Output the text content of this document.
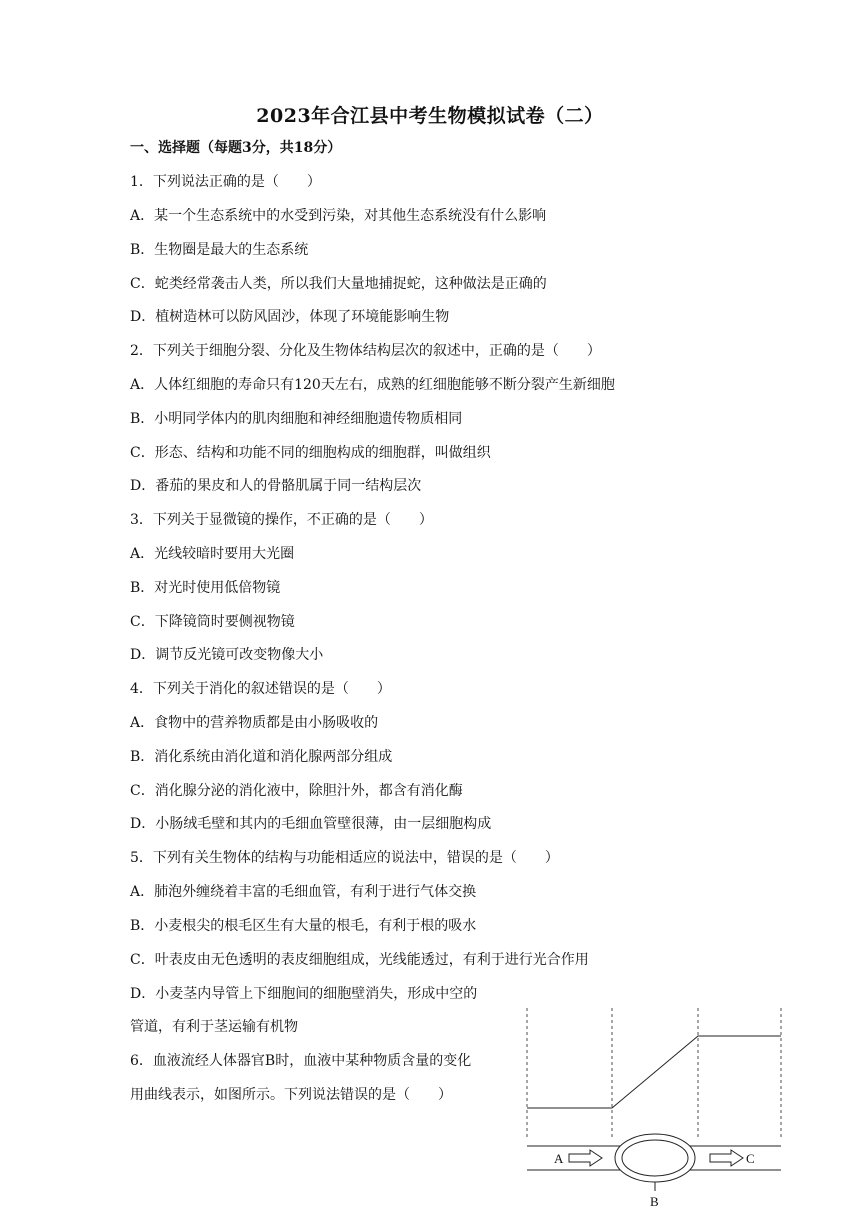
2023年合江县中考生物模拟试卷（二）
一、选择题（每题3分，共18分）
1．下列说法正确的是（　　）
A．某一个生态系统中的水受到污染，对其他生态系统没有什么影响
B．生物圈是最大的生态系统
C．蛇类经常袭击人类，所以我们大量地捕捉蛇，这种做法是正确的
D．植树造林可以防风固沙，体现了环境能影响生物
2．下列关于细胞分裂、分化及生物体结构层次的叙述中，正确的是（　　）
A．人体红细胞的寿命只有120天左右，成熟的红细胞能够不断分裂产生新细胞
B．小明同学体内的肌肉细胞和神经细胞遗传物质相同
C．形态、结构和功能不同的细胞构成的细胞群，叫做组织
D．番茄的果皮和人的骨骼肌属于同一结构层次
3．下列关于显微镜的操作，不正确的是（　　）
A．光线较暗时要用大光圈
B．对光时使用低倍物镜
C．下降镜筒时要侧视物镜
D．调节反光镜可改变物像大小
4．下列关于消化的叙述错误的是（　　）
A．食物中的营养物质都是由小肠吸收的
B．消化系统由消化道和消化腺两部分组成
C．消化腺分泌的消化液中，除胆汁外，都含有消化酶
D．小肠绒毛壁和其内的毛细血管壁很薄，由一层细胞构成
5．下列有关生物体的结构与功能相适应的说法中，错误的是（　　）
A．肺泡外缠绕着丰富的毛细血管，有利于进行气体交换
B．小麦根尖的根毛区生有大量的根毛，有利于根的吸水
C．叶表皮由无色透明的表皮细胞组成，光线能透过，有利于进行光合作用
D．小麦茎内导管上下细胞间的细胞壁消失，形成中空的
管道，有利于茎运输有机物
6．血液流经人体器官B时，血液中某种物质含量的变化
用曲线表示，如图所示。下列说法错误的是（　　）
A	C
B
